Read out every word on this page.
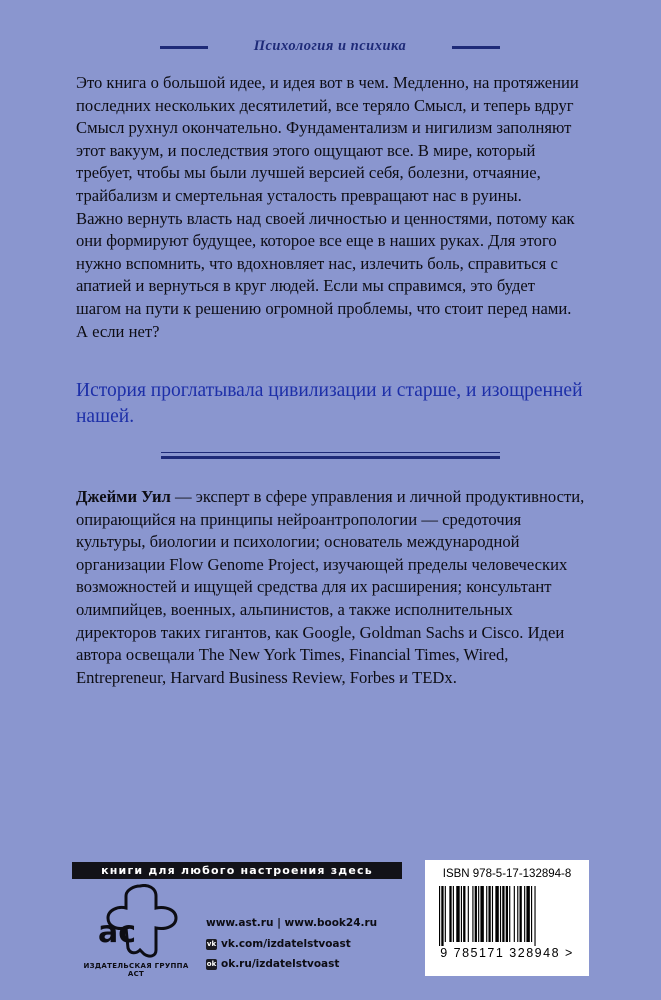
Психология и психика

Это книга о большой идее, и идея вот в чем. Медленно, на протяжении последних нескольких десятилетий, все теряло Смысл, и теперь вдруг Смысл рухнул окончательно. Фундаментализм и нигилизм заполняют этот вакуум, и последствия этого ощущают все. В мире, который требует, чтобы мы были лучшей версией себя, болезни, отчаяние, трайбализм и смертельная усталость превращают нас в руины.

Важно вернуть власть над своей личностью и ценностями, потому как они формируют будущее, которое все еще в наших руках. Для этого нужно вспомнить, что вдохновляет нас, излечить боль, справиться с апатией и вернуться в круг людей. Если мы справимся, это будет шагом на пути к решению огромной проблемы, что стоит перед нами. А если нет?

История проглатывала цивилизации и старше, и изощренней нашей.
Джейми Уил — эксперт в сфере управления и личной продуктивности, опирающийся на принципы нейроантропологии — средоточия культуры, биологии и психологии; основатель международной организации Flow Genome Project, изучающей пределы человеческих возможностей и ищущей средства для их расширения; консультант олимпийцев, военных, альпинистов, а также исполнительных директоров таких гигантов, как Google, Goldman Sachs и Cisco. Идеи автора освещали The New York Times, Financial Times, Wired, Entrepreneur, Harvard Business Review, Forbes и TEDx.
книги для любого настроения здесь
ac
ИЗДАТЕЛЬСКАЯ ГРУППА АСТ
www.ast.ru | www.book24.ru
vk vk.com/izdatelstvoast
ok ok.ru/izdatelstvoast
ISBN 978-5-17-132894-8
9 785171 328948 >
